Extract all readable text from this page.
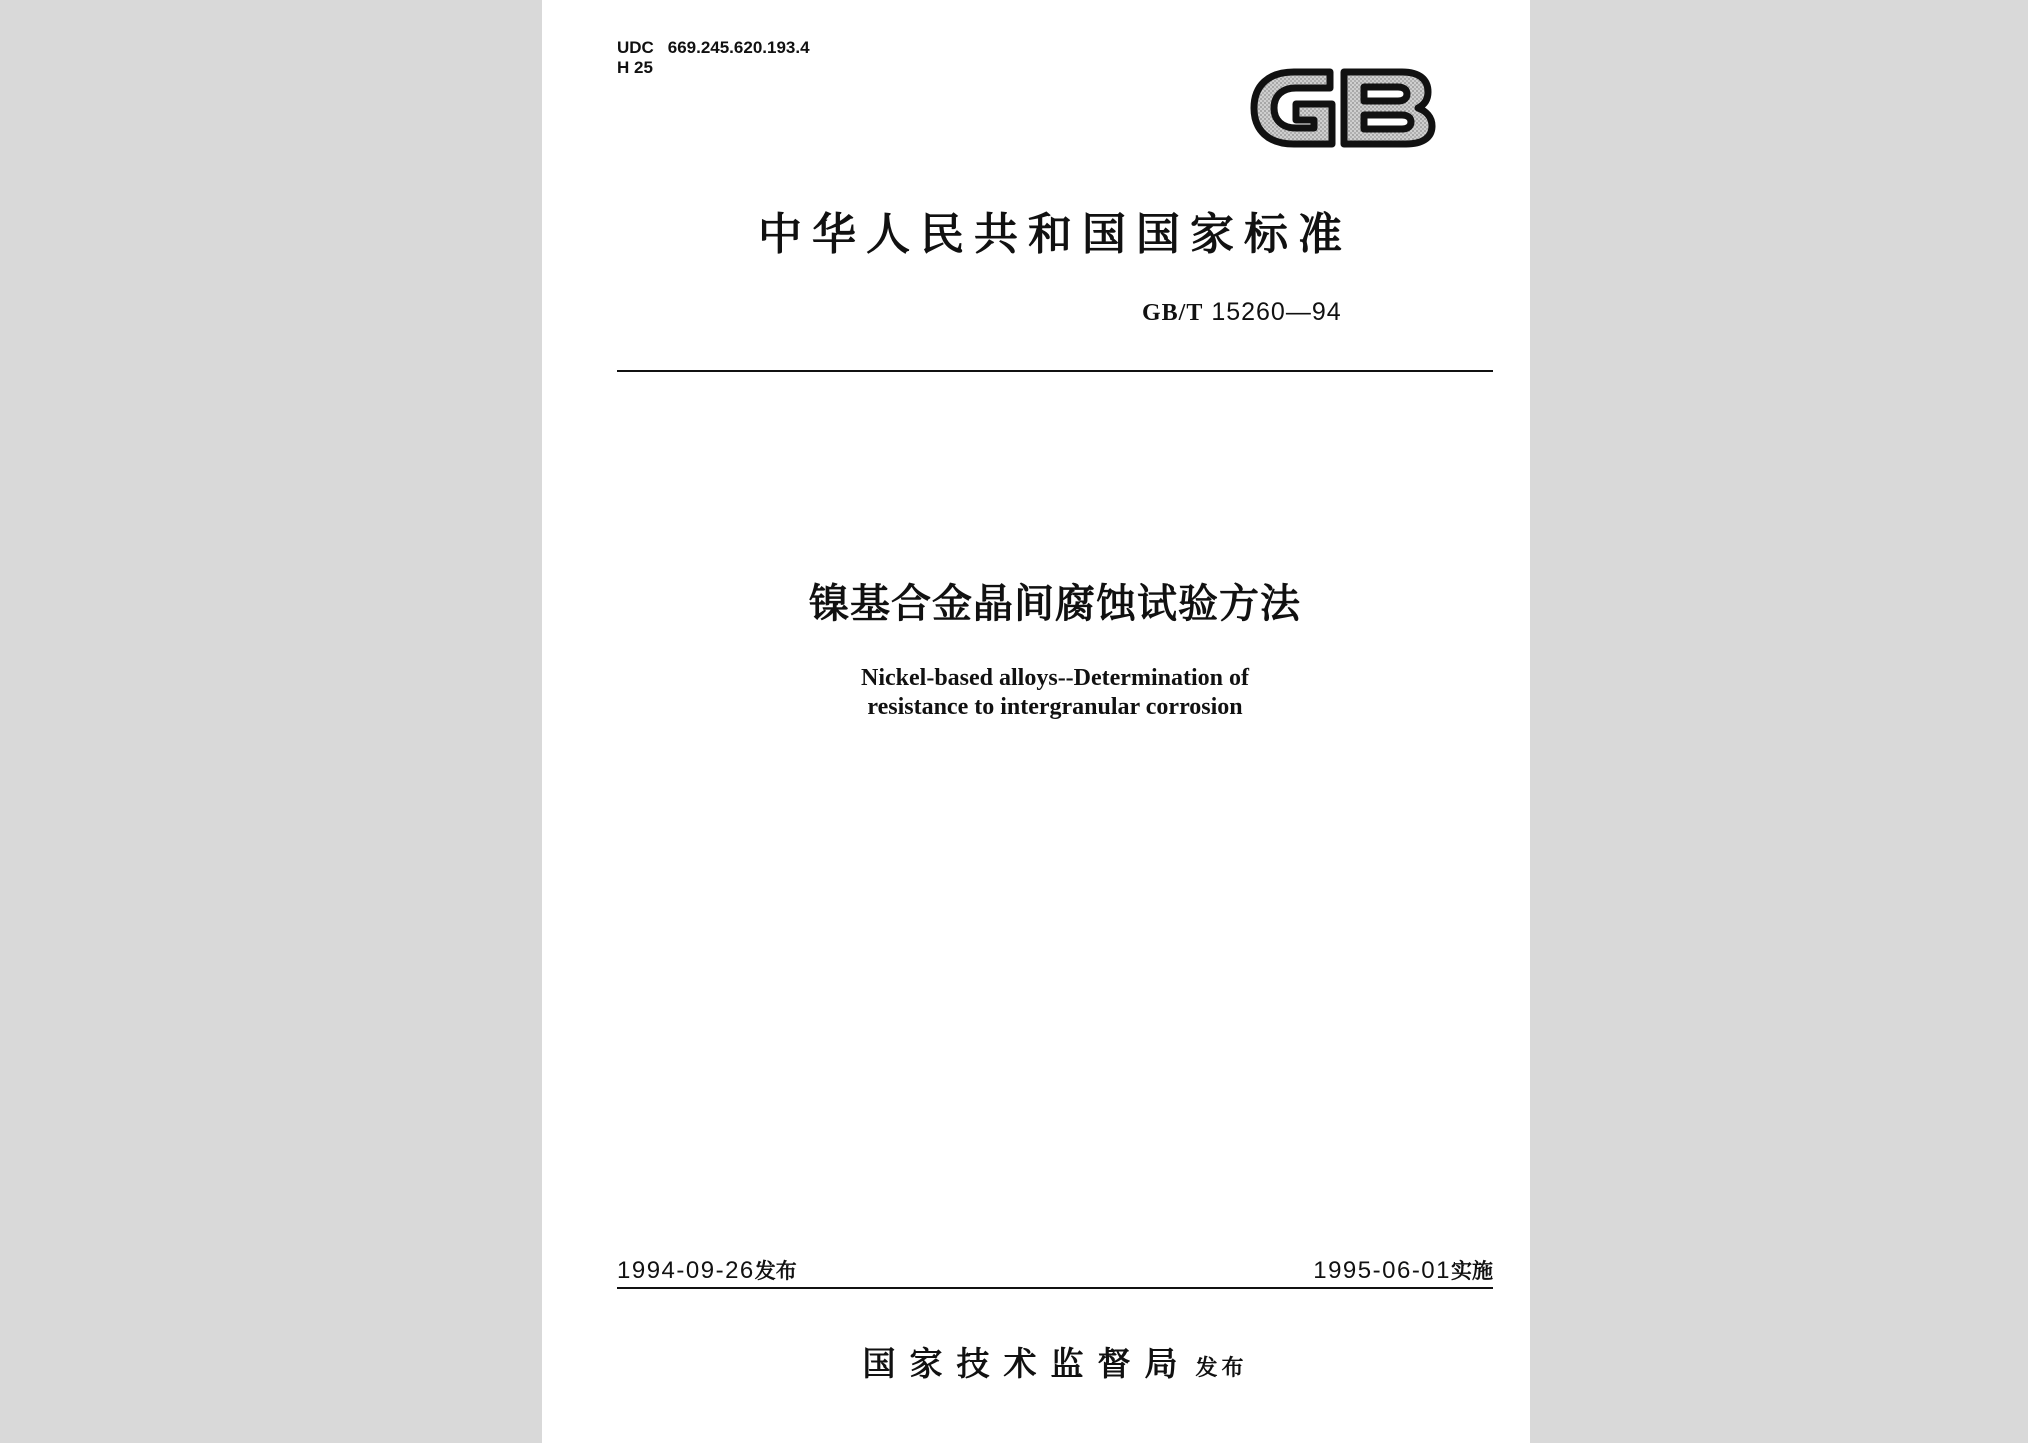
UDC 669.245.620.193.4
H 25
中华人民共和国国家标准
GB/T 15260—94
镍基合金晶间腐蚀试验方法
Nickel-based alloys--Determination of
resistance to intergranular corrosion
1994-09-26发布	1995-06-01实施
国家技术监督局 发布
